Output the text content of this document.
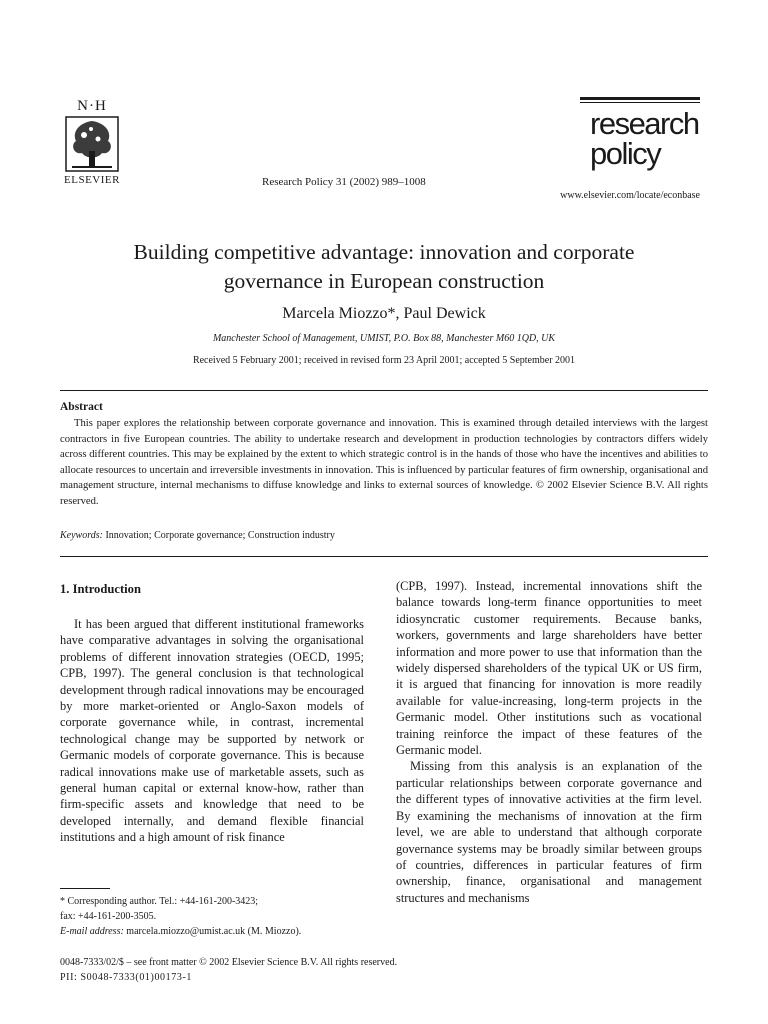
N·H
ELSEVIER	Research Policy 31 (2002) 989–1008
research
policy
www.elsevier.com/locate/econbase
Building competitive advantage: innovation and corporate
governance in European construction
Marcela Miozzo*, Paul Dewick
Manchester School of Management, UMIST, P.O. Box 88, Manchester M60 1QD, UK
Received 5 February 2001; received in revised form 23 April 2001; accepted 5 September 2001
Abstract
This paper explores the relationship between corporate governance and innovation. This is examined through detailed interviews with the largest contractors in five European countries. The ability to undertake research and development in production technologies by contractors differs widely across different countries. This may be explained by the extent to which strategic control is in the hands of those who have the incentives and abilities to allocate resources to uncertain and irreversible investments in innovation. This is influenced by particular features of firm ownership, organisational and management structure, internal mechanisms to diffuse knowledge and links to external sources of knowledge. © 2002 Elsevier Science B.V. All rights reserved.
Keywords: Innovation; Corporate governance; Construction industry
1. Introduction

It has been argued that different institutional frameworks have comparative advantages in solving the organisational problems of different innovation strategies (OECD, 1995; CPB, 1997). The general conclusion is that technological development through radical innovations may be encouraged by more market-oriented or Anglo-Saxon models of corporate governance while, in contrast, incremental technological change may be supported by network or Germanic models of corporate governance. This is because radical innovations make use of marketable assets, such as general human capital or external know-how, rather than firm-specific assets and knowledge that need to be developed internally, and demand flexible financial institutions and a high amount of risk finance

(CPB, 1997). Instead, incremental innovations shift the balance towards long-term finance opportunities to meet idiosyncratic customer requirements. Because banks, workers, governments and large shareholders have better information and more power to use that information than the widely dispersed shareholders of the typical UK or US firm, it is argued that financing for innovation is more readily available for value-increasing, long-term projects in the Germanic model. Other institutions such as vocational training reinforce the impact of these features of the Germanic model.

Missing from this analysis is an explanation of the particular relationships between corporate governance and the different types of innovative activities at the firm level. By examining the mechanisms of innovation at the firm level, we are able to understand that although corporate governance systems may be broadly similar between groups of countries, differences in particular features of firm ownership, finance, organisational and management structures and mechanisms

* Corresponding author. Tel.: +44-161-200-3423;
fax: +44-161-200-3505.
E-mail address: marcela.miozzo@umist.ac.uk (M. Miozzo).
0048-7333/02/$ – see front matter © 2002 Elsevier Science B.V. All rights reserved.
PII: S0048-7333(01)00173-1
